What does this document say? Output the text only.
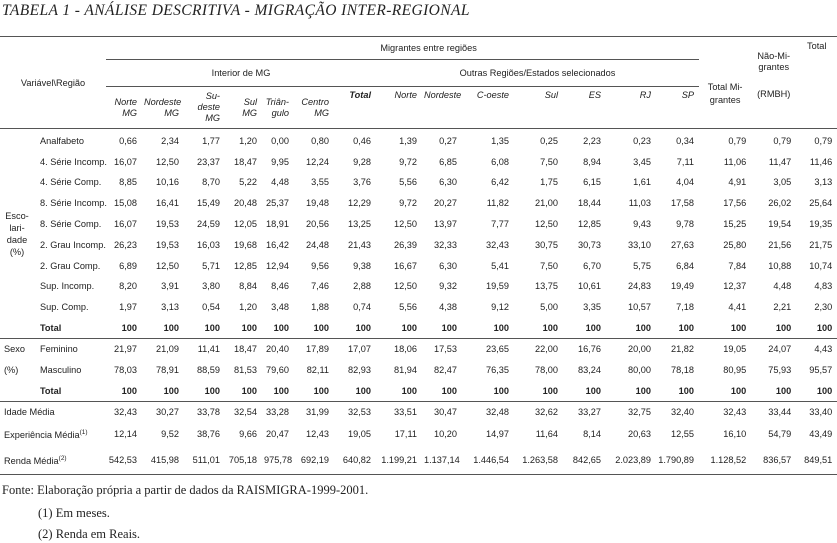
TABELA 1 - ANÁLISE DESCRITIVA - MIGRAÇÃO INTER-REGIONAL
Variável\Região		Migrantes entre regiões															Não-Mi- grantes	Total
		Interior de MG							Outras Regiões/Estados selecionados							Total Mi- grantes		
		Norte MG	Nordeste MG	Su-deste MG	Sul MG	Triân- gulo	Centro MG	Total	Norte	Nordeste	C-oeste	Sul	ES	RJ	SP		(RMBH)	

Esco- lari- dade (%)	Analfabeto	0,66	2,34	1,77	1,20	0,00	0,80	0,46	1,39	0,27	1,35	0,25	2,23	0,23	0,34	0,79	0,79	0,79
	4. Série Incomp.	16,07	12,50	23,37	18,47	9,95	12,24	9,28	9,72	6,85	6,08	7,50	8,94	3,45	7,11	11,06	11,47	11,46
	4. Série Comp.	8,85	10,16	8,70	5,22	4,48	3,55	3,76	5,56	6,30	6,42	1,75	6,15	1,61	4,04	4,91	3,05	3,13
	8. Série Incomp.	15,08	16,41	15,49	20,48	25,37	19,48	12,29	9,72	20,27	11,82	21,00	18,44	11,03	17,58	17,56	26,02	25,64
	8. Série Comp.	16,07	19,53	24,59	12,05	18,91	20,56	13,25	12,50	13,97	7,77	12,50	12,85	9,43	9,78	15,25	19,54	19,35
	2. Grau Incomp.	26,23	19,53	16,03	19,68	16,42	24,48	21,43	26,39	32,33	32,43	30,75	30,73	33,10	27,63	25,80	21,56	21,75
	2. Grau Comp.	6,89	12,50	5,71	12,85	12,94	9,56	9,38	16,67	6,30	5,41	7,50	6,70	5,75	6,84	7,84	10,88	10,74
	Sup. Incomp.	8,20	3,91	3,80	8,84	8,46	7,46	2,88	12,50	9,32	19,59	13,75	10,61	24,83	19,49	12,37	4,48	4,83
	Sup. Comp.	1,97	3,13	0,54	1,20	3,48	1,88	0,74	5,56	4,38	9,12	5,00	3,35	10,57	7,18	4,41	2,21	2,30
	Total	100	100	100	100	100	100	100	100	100	100	100	100	100	100	100	100	100
Sexo	Feminino	21,97	21,09	11,41	18,47	20,40	17,89	17,07	18,06	17,53	23,65	22,00	16,76	20,00	21,82	19,05	24,07	4,43
(%)	Masculino	78,03	78,91	88,59	81,53	79,60	82,11	82,93	81,94	82,47	76,35	78,00	83,24	80,00	78,18	80,95	75,93	95,57
	Total	100	100	100	100	100	100	100	100	100	100	100	100	100	100	100	100	100
Idade Média		32,43	30,27	33,78	32,54	33,28	31,99	32,53	33,51	30,47	32,48	32,62	33,27	32,75	32,40	32,43	33,44	33,40
Experiência Média$^{(1)}$		12,14	9,52	38,76	9,66	20,47	12,43	19,05	17,11	10,20	14,97	11,64	8,14	20,63	12,55	16,10	54,79	43,49
Renda Média$^{(2)}$		542,53	415,98	511,01	705,18	975,78	692,19	640,82	1.199,21	1.137,14	1.446,54	1.263,58	842,65	2.023,89	1.790,89	1.128,52	836,57	849,51
Fonte: Elaboração própria a partir de dados da RAISMIGRA-1999-2001.
(1) Em meses.
(2) Renda em Reais.
